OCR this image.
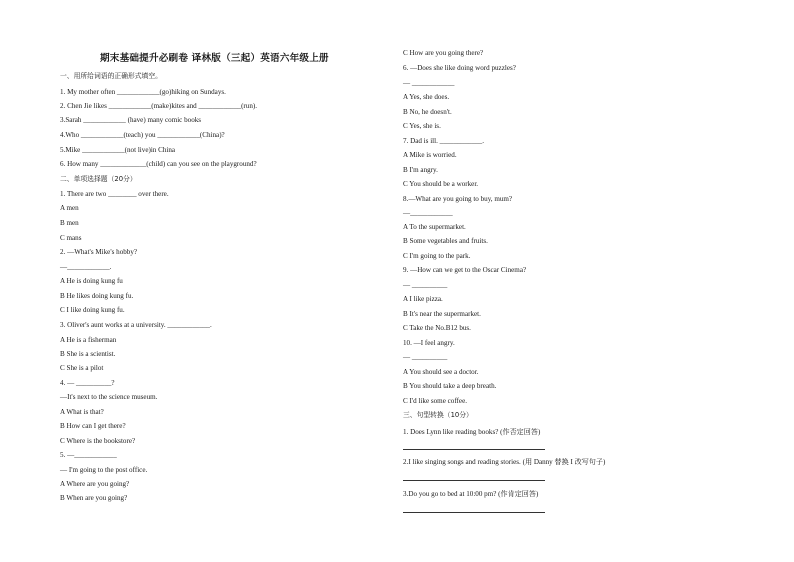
期末基础提升必刷卷 译林版（三起）英语六年级上册
一、用所给词语的正确形式填空。
1. My mother often ____________(go)hiking on Sundays.
2. Chen Jie likes ____________(make)kites and ____________(run).
3.Sarah ____________ (have) many comic books
4.Who ____________(teach) you ____________(China)?
5.Mike ____________(not live)in China
6. How many _____________(child) can you see on the playground?
二、单项选择题（20分）
1. There are two ________ over there.
A men
B men
C mans
2. —What's Mike's hobby?
—____________.
A He is doing kung fu
B He likes doing kung fu.
C I like doing kung fu.
3. Oliver's aunt works at a university. ____________.
A He is a fisherman
B She is a scientist.
C She is a pilot
4. — __________?
—It's next to the science museum.
A What is that?
B How can I get there?
C Where is the bookstore?
5. —____________
— I'm going to the post office.
A Where are you going?
B When are you going?
C How are you going there?
6. —Does she like doing word puzzles?
— ____________
A Yes, she does.
B No, he doesn't.
C Yes, she is.
7. Dad is ill. ____________.
A Mike is worried.
B I'm angry.
C You should be a worker.
8.—What are you going to buy, mum?
—____________
A To the supermarket.
B Some vegetables and fruits.
C I'm going to the park.
9. —How can we get to the Oscar Cinema?
— __________
A I like pizza.
B It's near the supermarket.
C Take the No.B12 bus.
10. —I feel angry.
— __________
A You should see a doctor.
B You should take a deep breath.
C I'd like some coffee.
三、句型转换（10分）
1. Does Lynn like reading books? (作否定回答)
2.I like singing songs and reading stories. (用 Danny 替换 I 改写句子)
3.Do you go to bed at 10:00 pm? (作肯定回答)
